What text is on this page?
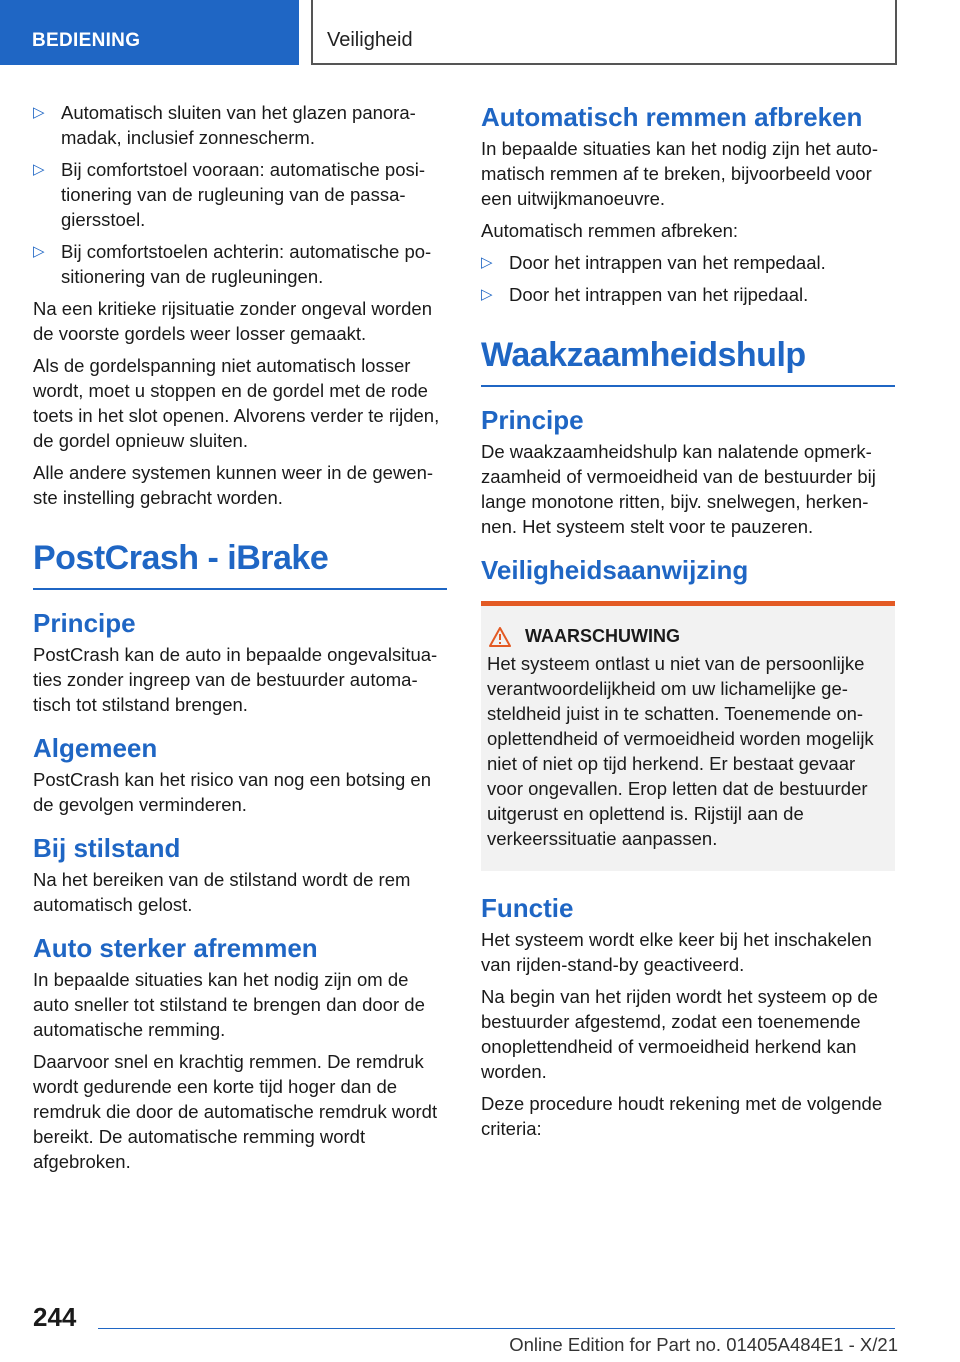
BEDIENING	Veiligheid
▷ Automatisch sluiten van het glazen panoramadak, inclusief zonnescherm.
▷ Bij comfortstoel vooraan: automatische positionering van de rugleuning van de passagiersstoel.
▷ Bij comfortstoelen achterin: automatische positionering van de rugleuningen.

Na een kritieke rijsituatie zonder ongeval worden de voorste gordels weer losser gemaakt.

Als de gordelspanning niet automatisch losser wordt, moet u stoppen en de gordel met de rode toets in het slot openen. Alvorens verder te rijden, de gordel opnieuw sluiten.

Alle andere systemen kunnen weer in de gewenste instelling gebracht worden.

PostCrash - iBrake
Principe

PostCrash kan de auto in bepaalde ongevalsituaties zonder ingreep van de bestuurder automatisch tot stilstand brengen.

Algemeen

PostCrash kan het risico van nog een botsing en de gevolgen verminderen.

Bij stilstand

Na het bereiken van de stilstand wordt de rem automatisch gelost.

Auto sterker afremmen

In bepaalde situaties kan het nodig zijn om de auto sneller tot stilstand te brengen dan door de automatische remming.

Daarvoor snel en krachtig remmen. De remdruk wordt gedurende een korte tijd hoger dan de remdruk die door de automatische remdruk wordt bereikt. De automatische remming wordt afgebroken.

Automatisch remmen afbreken

In bepaalde situaties kan het nodig zijn het automatisch remmen af te breken, bijvoorbeeld voor een uitwijkmanoeuvre.

Automatisch remmen afbreken:

▷ Door het intrappen van het rempedaal.
▷ Door het intrappen van het rijpedaal.
Waakzaamheidshulp
Principe

De waakzaamheidshulp kan nalatende opmerkzaamheid of vermoeidheid van de bestuurder bij lange monotone ritten, bijv. snelwegen, herkennen. Het systeem stelt voor te pauzeren.

Veiligheidsaanwijzing
WAARSCHUWING

Het systeem ontlast u niet van de persoonlijke verantwoordelijkheid om uw lichamelijke gesteldheid juist in te schatten. Toenemende onoplettendheid of vermoeidheid worden mogelijk niet of niet op tijd herkend. Er bestaat gevaar voor ongevallen. Erop letten dat de bestuurder uitgerust en oplettend is. Rijstijl aan de verkeerssituatie aanpassen.

Functie

Het systeem wordt elke keer bij het inschakelen van rijden-stand-by geactiveerd.

Na begin van het rijden wordt het systeem op de bestuurder afgestemd, zodat een toenemende onoplettendheid of vermoeidheid herkend kan worden.

Deze procedure houdt rekening met de volgende criteria:

244
Online Edition for Part no. 01405A484E1 - X/21
